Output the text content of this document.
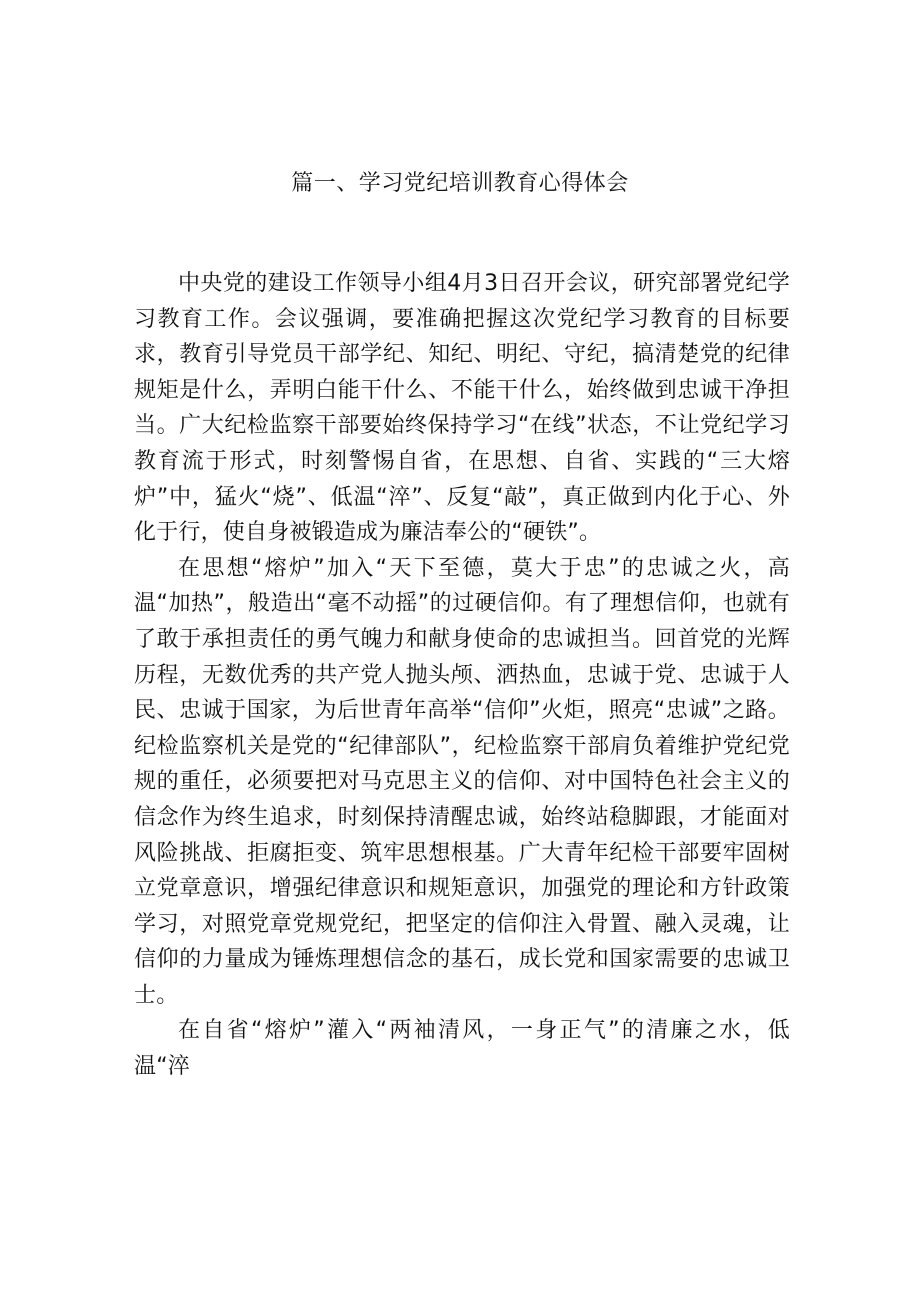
篇一、学习党纪培训教育心得体会

中央党的建设工作领导小组4月3日召开会议，研究部署党纪学习教育工作。会议强调，要准确把握这次党纪学习教育的目标要求，教育引导党员干部学纪、知纪、明纪、守纪，搞清楚党的纪律规矩是什么，弄明白能干什么、不能干什么，始终做到忠诚干净担当。广大纪检监察干部要始终保持学习“在线”状态，不让党纪学习教育流于形式，时刻警惕自省，在思想、自省、实践的“三大熔炉”中，猛火“烧”、低温“淬”、反复“敲”，真正做到内化于心、外化于行，使自身被锻造成为廉洁奉公的“硬铁”。

在思想“熔炉”加入“天下至德，莫大于忠”的忠诚之火，高温“加热”，般造出“毫不动摇”的过硬信仰。有了理想信仰，也就有了敢于承担责任的勇气魄力和献身使命的忠诚担当。回首党的光辉历程，无数优秀的共产党人抛头颅、洒热血，忠诚于党、忠诚于人民、忠诚于国家，为后世青年高举“信仰”火炬，照亮“忠诚”之路。纪检监察机关是党的“纪律部队”，纪检监察干部肩负着维护党纪党规的重任，必须要把对马克思主义的信仰、对中国特色社会主义的信念作为终生追求，时刻保持清醒忠诚，始终站稳脚跟，才能面对风险挑战、拒腐拒变、筑牢思想根基。广大青年纪检干部要牢固树立党章意识，增强纪律意识和规矩意识，加强党的理论和方针政策学习，对照党章党规党纪，把坚定的信仰注入骨置、融入灵魂，让信仰的力量成为锤炼理想信念的基石，成长党和国家需要的忠诚卫士。

在自省“熔炉”灌入“两袖清风，一身正气”的清廉之水，低温“淬
